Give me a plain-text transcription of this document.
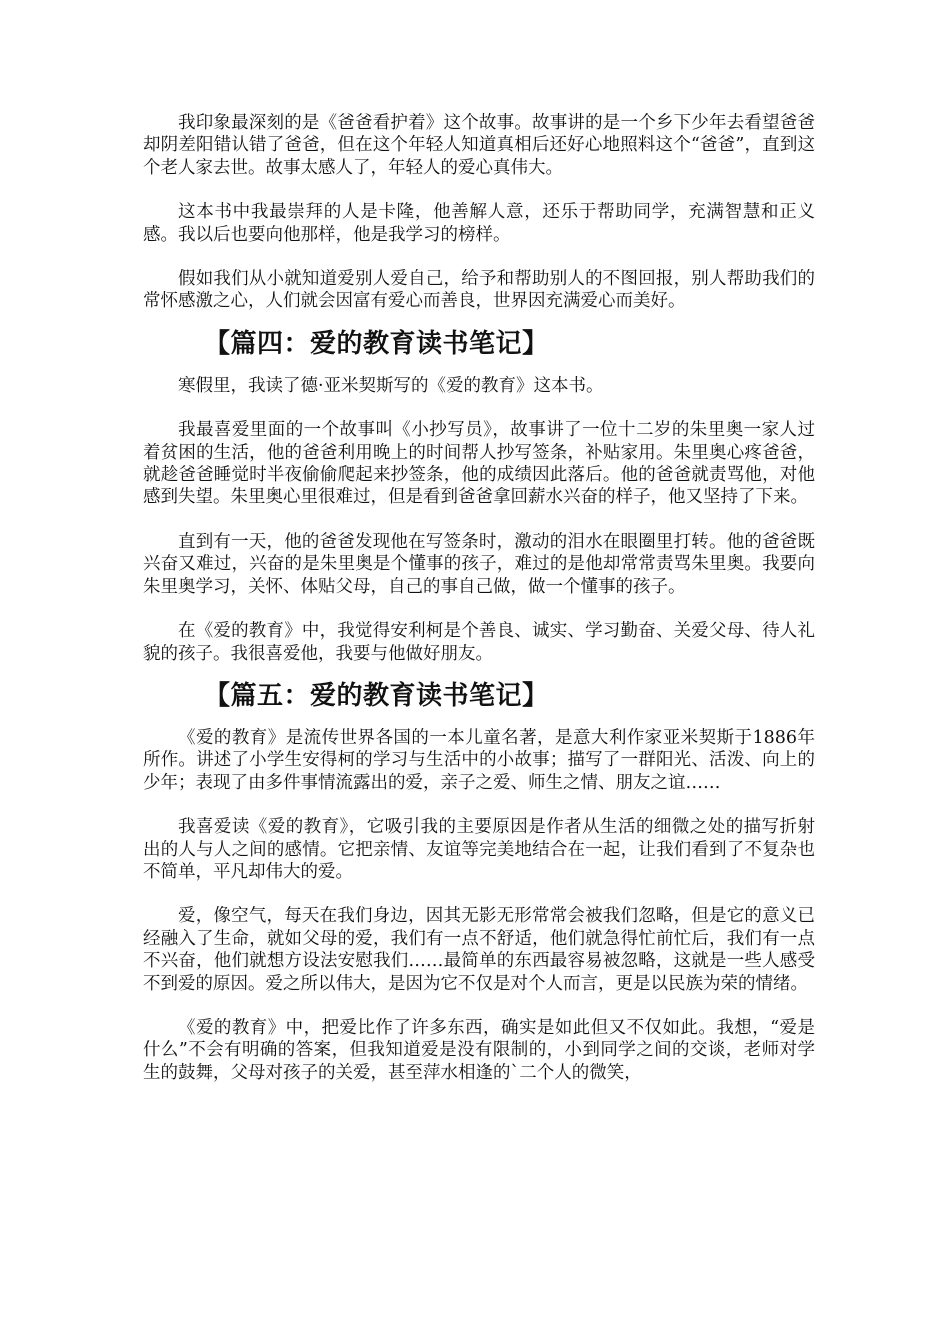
我印象最深刻的是《爸爸看护着》这个故事。故事讲的是一个乡下少年去看望爸爸却阴差阳错认错了爸爸，但在这个年轻人知道真相后还好心地照料这个“爸爸”，直到这个老人家去世。故事太感人了，年轻人的爱心真伟大。

这本书中我最崇拜的人是卡隆，他善解人意，还乐于帮助同学，充满智慧和正义感。我以后也要向他那样，他是我学习的榜样。

假如我们从小就知道爱别人爱自己，给予和帮助别人的不图回报，别人帮助我们的常怀感激之心，人们就会因富有爱心而善良，世界因充满爱心而美好。

【篇四：爱的教育读书笔记】

寒假里，我读了德·亚米契斯写的《爱的教育》这本书。

我最喜爱里面的一个故事叫《小抄写员》，故事讲了一位十二岁的朱里奥一家人过着贫困的生活，他的爸爸利用晚上的时间帮人抄写签条，补贴家用。朱里奥心疼爸爸，就趁爸爸睡觉时半夜偷偷爬起来抄签条，他的成绩因此落后。他的爸爸就责骂他，对他感到失望。朱里奥心里很难过，但是看到爸爸拿回薪水兴奋的样子，他又坚持了下来。

直到有一天，他的爸爸发现他在写签条时，激动的泪水在眼圈里打转。他的爸爸既兴奋又难过，兴奋的是朱里奥是个懂事的孩子，难过的是他却常常责骂朱里奥。我要向朱里奥学习，关怀、体贴父母，自己的事自己做，做一个懂事的孩子。

在《爱的教育》中，我觉得安利柯是个善良、诚实、学习勤奋、关爱父母、待人礼貌的孩子。我很喜爱他，我要与他做好朋友。

【篇五：爱的教育读书笔记】

《爱的教育》是流传世界各国的一本儿童名著，是意大利作家亚米契斯于1886年所作。讲述了小学生安得柯的学习与生活中的小故事；描写了一群阳光、活泼、向上的少年；表现了由多件事情流露出的爱，亲子之爱、师生之情、朋友之谊……

我喜爱读《爱的教育》，它吸引我的主要原因是作者从生活的细微之处的描写折射出的人与人之间的感情。它把亲情、友谊等完美地结合在一起，让我们看到了不复杂也不简单，平凡却伟大的爱。

爱，像空气，每天在我们身边，因其无影无形常常会被我们忽略，但是它的意义已经融入了生命，就如父母的爱，我们有一点不舒适，他们就急得忙前忙后，我们有一点不兴奋，他们就想方设法安慰我们……最简单的东西最容易被忽略，这就是一些人感受不到爱的原因。爱之所以伟大，是因为它不仅是对个人而言，更是以民族为荣的情绪。

《爱的教育》中，把爱比作了许多东西，确实是如此但又不仅如此。我想，“爱是什么”不会有明确的答案，但我知道爱是没有限制的，小到同学之间的交谈，老师对学生的鼓舞，父母对孩子的关爱，甚至萍水相逢的`二个人的微笑，
